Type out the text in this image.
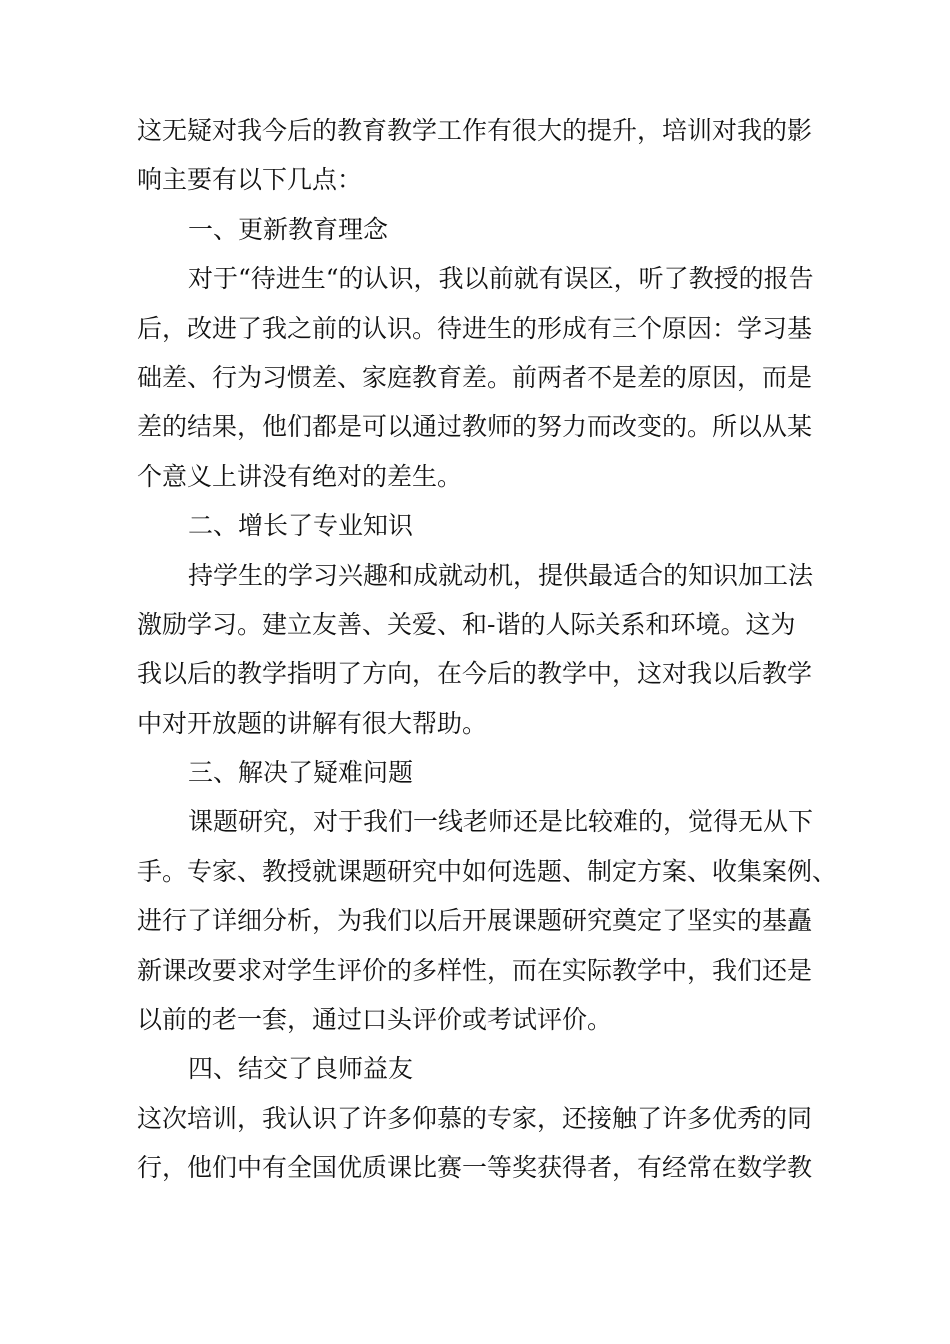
这无疑对我今后的教育教学工作有很大的提升，培训对我的影
响主要有以下几点：
一、更新教育理念
对于“待进生“的认识，我以前就有误区，听了教授的报告
后，改进了我之前的认识。待进生的形成有三个原因：学习基
础差、行为习惯差、家庭教育差。前两者不是差的原因，而是
差的结果，他们都是可以通过教师的努力而改变的。所以从某
个意义上讲没有绝对的差生。
二、增长了专业知识
持学生的学习兴趣和成就动机，提供最适合的知识加工法
激励学习。建立友善、关爱、和-谐的人际关系和环境。这为
我以后的教学指明了方向，在今后的教学中，这对我以后教学
中对开放题的讲解有很大帮助。
三、解决了疑难问题
课题研究，对于我们一线老师还是比较难的，觉得无从下
手。专家、教授就课题研究中如何选题、制定方案、收集案例、
进行了详细分析，为我们以后开展课题研究奠定了坚实的基矗
新课改要求对学生评价的多样性，而在实际教学中，我们还是
以前的老一套，通过口头评价或考试评价。
四、结交了良师益友
这次培训，我认识了许多仰慕的专家，还接触了许多优秀的同
行，他们中有全国优质课比赛一等奖获得者，有经常在数学教
